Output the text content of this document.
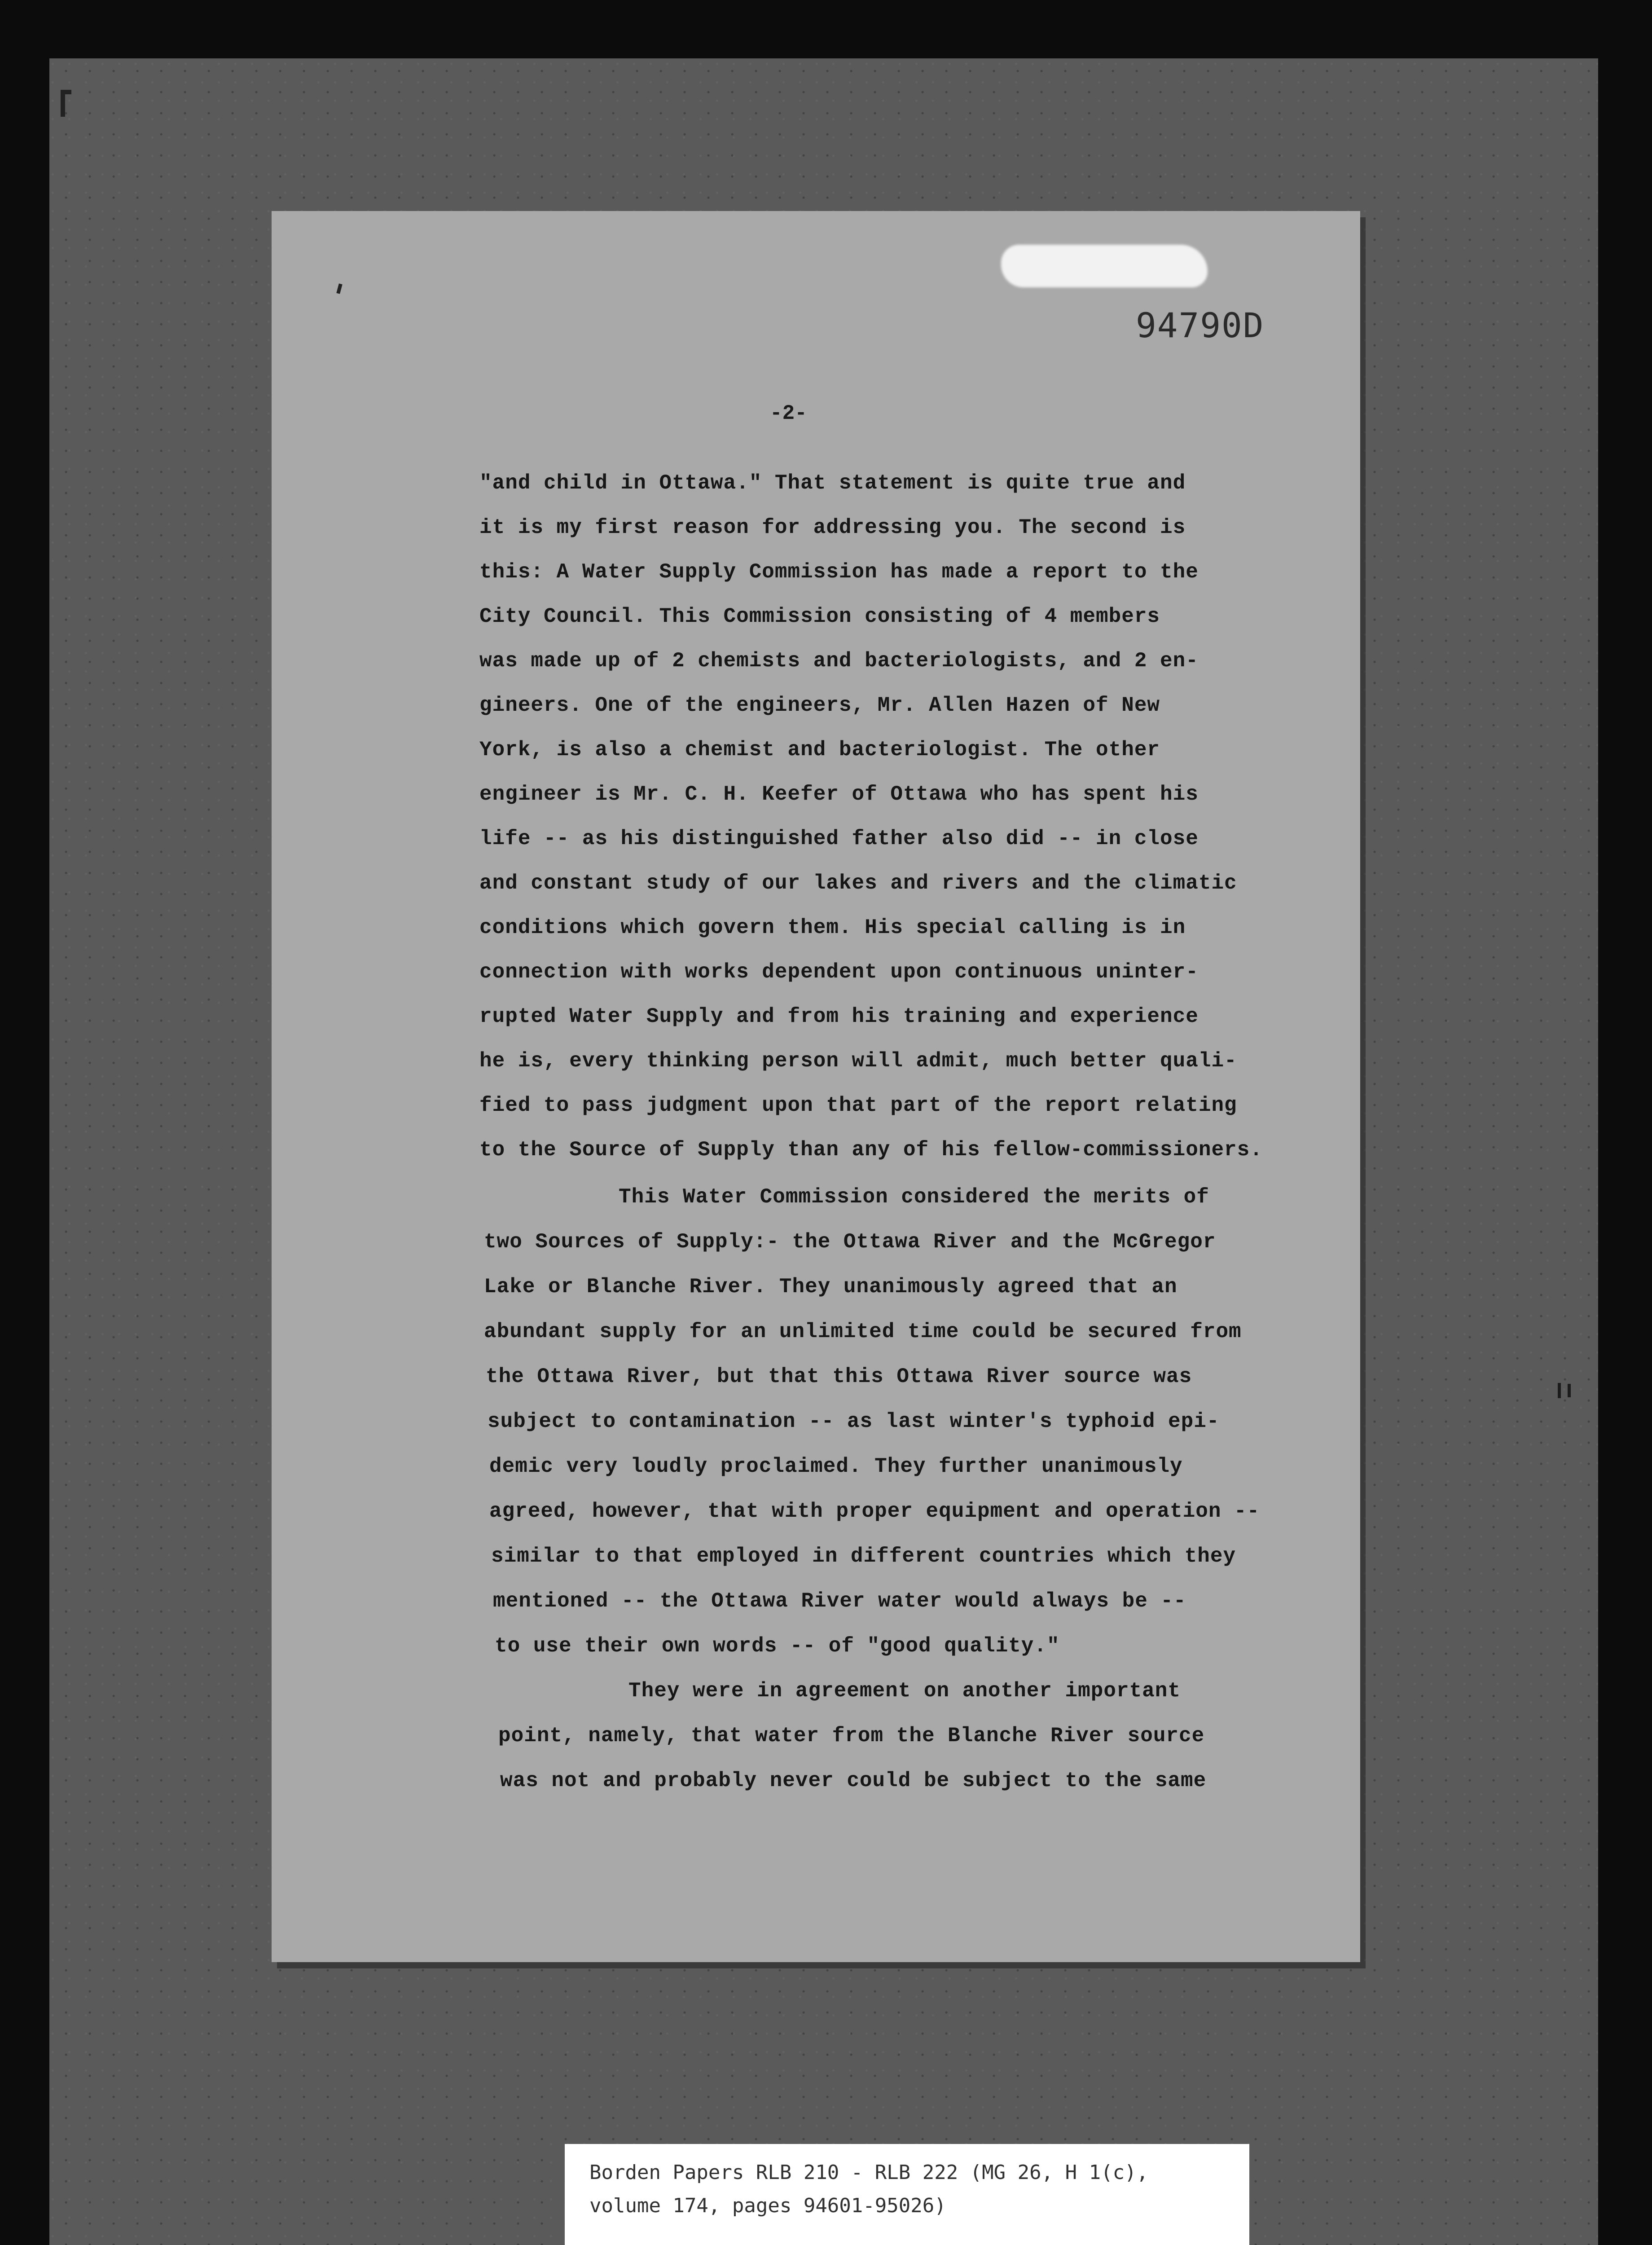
94790D
-2-
"and child in Ottawa." That statement is quite true and
it is my first reason for addressing you. The second is
this: A Water Supply Commission has made a report to the
City Council. This Commission consisting of 4 members
was made up of 2 chemists and bacteriologists, and 2 en-
gineers. One of the engineers, Mr. Allen Hazen of New
York, is also a chemist and bacteriologist. The other
engineer is Mr. C. H. Keefer of Ottawa who has spent his
life -- as his distinguished father also did -- in close
and constant study of our lakes and rivers and the climatic
conditions which govern them. His special calling is in
connection with works dependent upon continuous uninter-
rupted Water Supply and from his training and experience
he is, every thinking person will admit, much better quali-
fied to pass judgment upon that part of the report relating
to the Source of Supply than any of his fellow-commissioners.
This Water Commission considered the merits of
two Sources of Supply:- the Ottawa River and the McGregor
Lake or Blanche River. They unanimously agreed that an
abundant supply for an unlimited time could be secured from
the Ottawa River, but that this Ottawa River source was
subject to contamination -- as last winter's typhoid epi-
demic very loudly proclaimed. They further unanimously
agreed, however, that with proper equipment and operation --
similar to that employed in different countries which they
mentioned -- the Ottawa River water would always be --
to use their own words -- of "good quality."
They were in agreement on another important
point, namely, that water from the Blanche River source
was not and probably never could be subject to the same
Borden Papers RLB 210 - RLB 222 (MG 26, H 1(c),
volume 174, pages 94601-95026)
